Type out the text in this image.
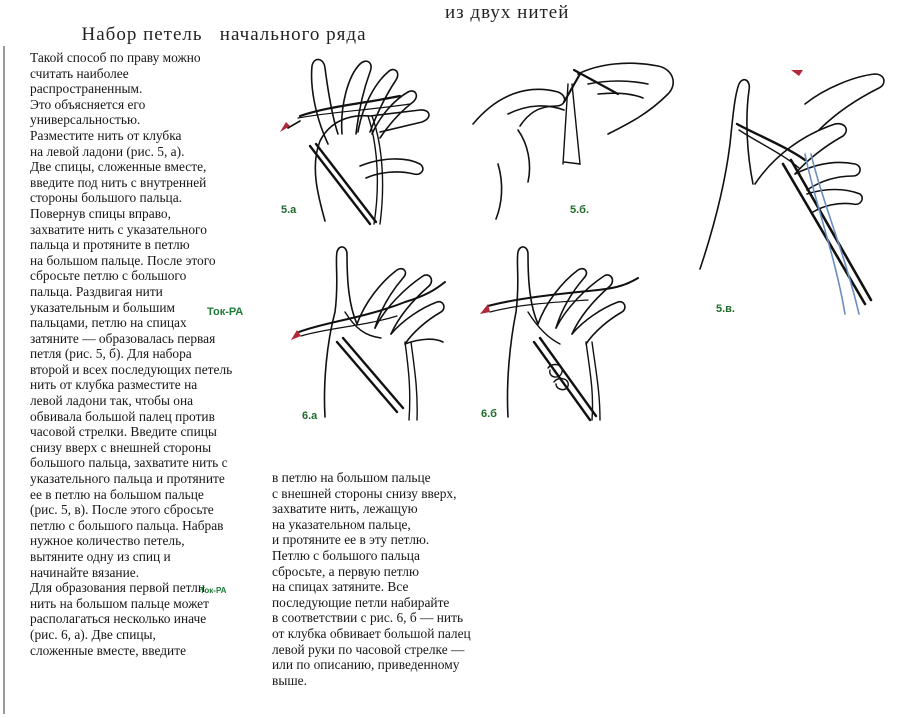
Набор петель   начального ряда

из двух нитей

Такой способ по праву можно
считать наиболее
распространенным.
Это объясняется его
универсальностью.
Разместите нить от клубка
на левой ладони (рис. 5, а).
Две спицы, сложенные вместе,
введите под нить с внутренней
стороны большого пальца.
Повернув спицы вправо,
захватите нить с указательного
пальца и протяните в петлю
на большом пальце. После этого
сбросьте петлю с большого
пальца. Раздвигая нити
указательным и большим
пальцами, петлю на спицах
затяните — образовалась первая
петля (рис. 5, б). Для набора
второй и всех последующих петель
нить от клубка разместите на
левой ладони так, чтобы она
обвивала большой палец против
часовой стрелки. Введите спицы
снизу вверх с внешней стороны
большого пальца, захватите нить с
указательного пальца и протяните
ее в петлю на большом пальце
(рис. 5, в). После этого сбросьте
петлю с большого пальца. Набрав
нужное количество петель,
вытяните одну из спиц и
начинайте вязание.
Для образования первой петли
нить на большом пальце может
располагаться несколько иначе
(рис. 6, а). Две спицы,
сложенные вместе, введите
в петлю на большом пальце
с внешней стороны снизу вверх,
захватите нить, лежащую
на указательном пальце,
и протяните ее в эту петлю.
Петлю с большого пальца
сбросьте, а первую петлю
на спицах затяните. Все
последующие петли набирайте
в соответствии с рис. 6, б — нить
от клубка обвивает большой палец
левой руки по часовой стрелке —
или по описанию, приведенному
выше.
Ток-РА
Ток-РА
5.а	5.б.
5.в.
6.а	6.б
